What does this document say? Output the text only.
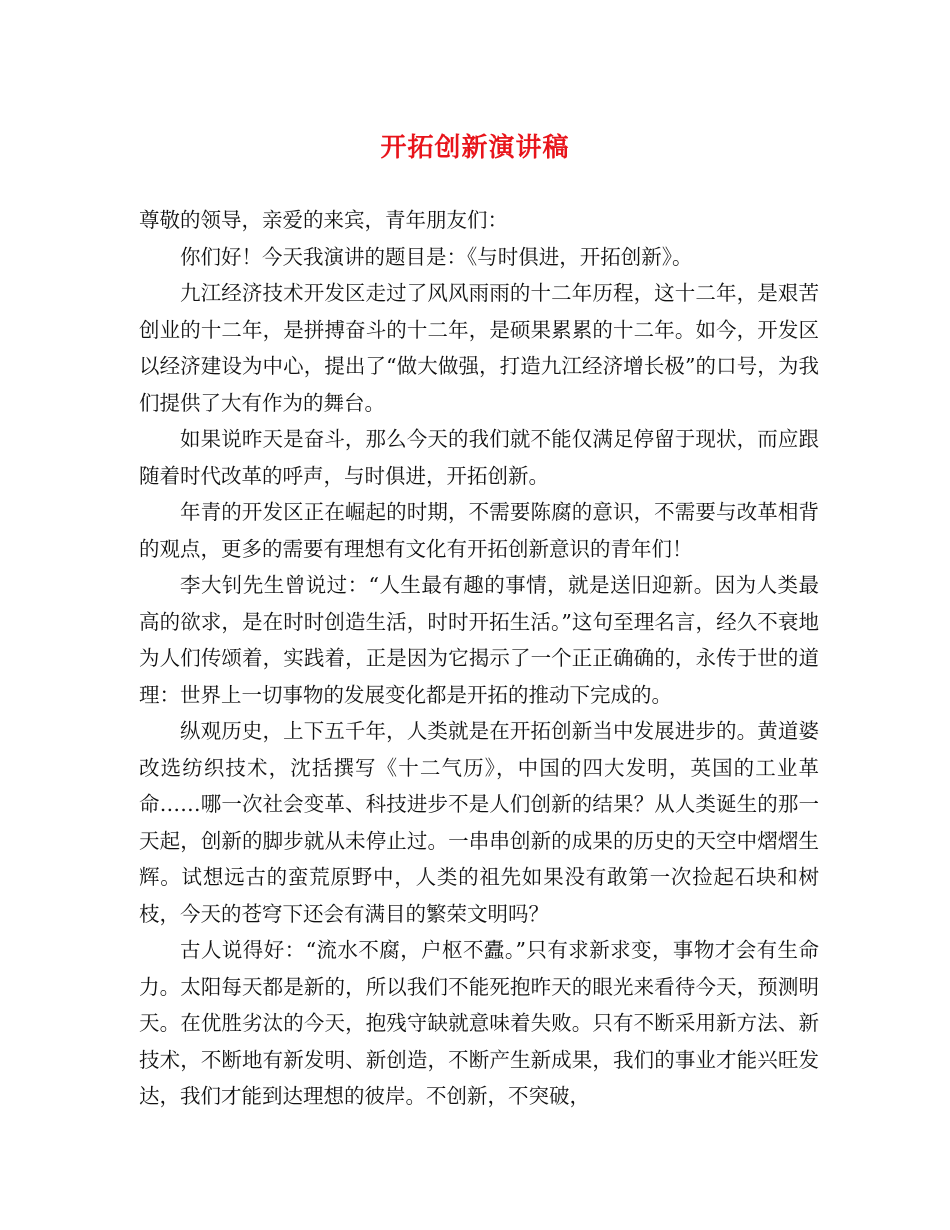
开拓创新演讲稿

尊敬的领导，亲爱的来宾，青年朋友们：

你们好！今天我演讲的题目是：《与时俱进，开拓创新》。

九江经济技术开发区走过了风风雨雨的十二年历程，这十二年，是艰苦创业的十二年，是拼搏奋斗的十二年，是硕果累累的十二年。如今，开发区以经济建设为中心，提出了“做大做强，打造九江经济增长极”的口号，为我们提供了大有作为的舞台。

如果说昨天是奋斗，那么今天的我们就不能仅满足停留于现状，而应跟随着时代改革的呼声，与时俱进，开拓创新。

年青的开发区正在崛起的时期，不需要陈腐的意识，不需要与改革相背的观点，更多的需要有理想有文化有开拓创新意识的青年们！

李大钊先生曾说过：“人生最有趣的事情，就是送旧迎新。因为人类最高的欲求，是在时时创造生活，时时开拓生活。”这句至理名言，经久不衰地为人们传颂着，实践着，正是因为它揭示了一个正正确确的，永传于世的道理：世界上一切事物的发展变化都是开拓的推动下完成的。

纵观历史，上下五千年，人类就是在开拓创新当中发展进步的。黄道婆改选纺织技术，沈括撰写《十二气历》，中国的四大发明，英国的工业革命……哪一次社会变革、科技进步不是人们创新的结果？从人类诞生的那一天起，创新的脚步就从未停止过。一串串创新的成果的历史的天空中熠熠生辉。试想远古的蛮荒原野中，人类的祖先如果没有敢第一次捡起石块和树枝，今天的苍穹下还会有满目的繁荣文明吗？

古人说得好：“流水不腐，户枢不蠹。”只有求新求变，事物才会有生命力。太阳每天都是新的，所以我们不能死抱昨天的眼光来看待今天，预测明天。在优胜劣汰的今天，抱残守缺就意味着失败。只有不断采用新方法、新技术，不断地有新发明、新创造，不断产生新成果，我们的事业才能兴旺发达，我们才能到达理想的彼岸。不创新，不突破，
